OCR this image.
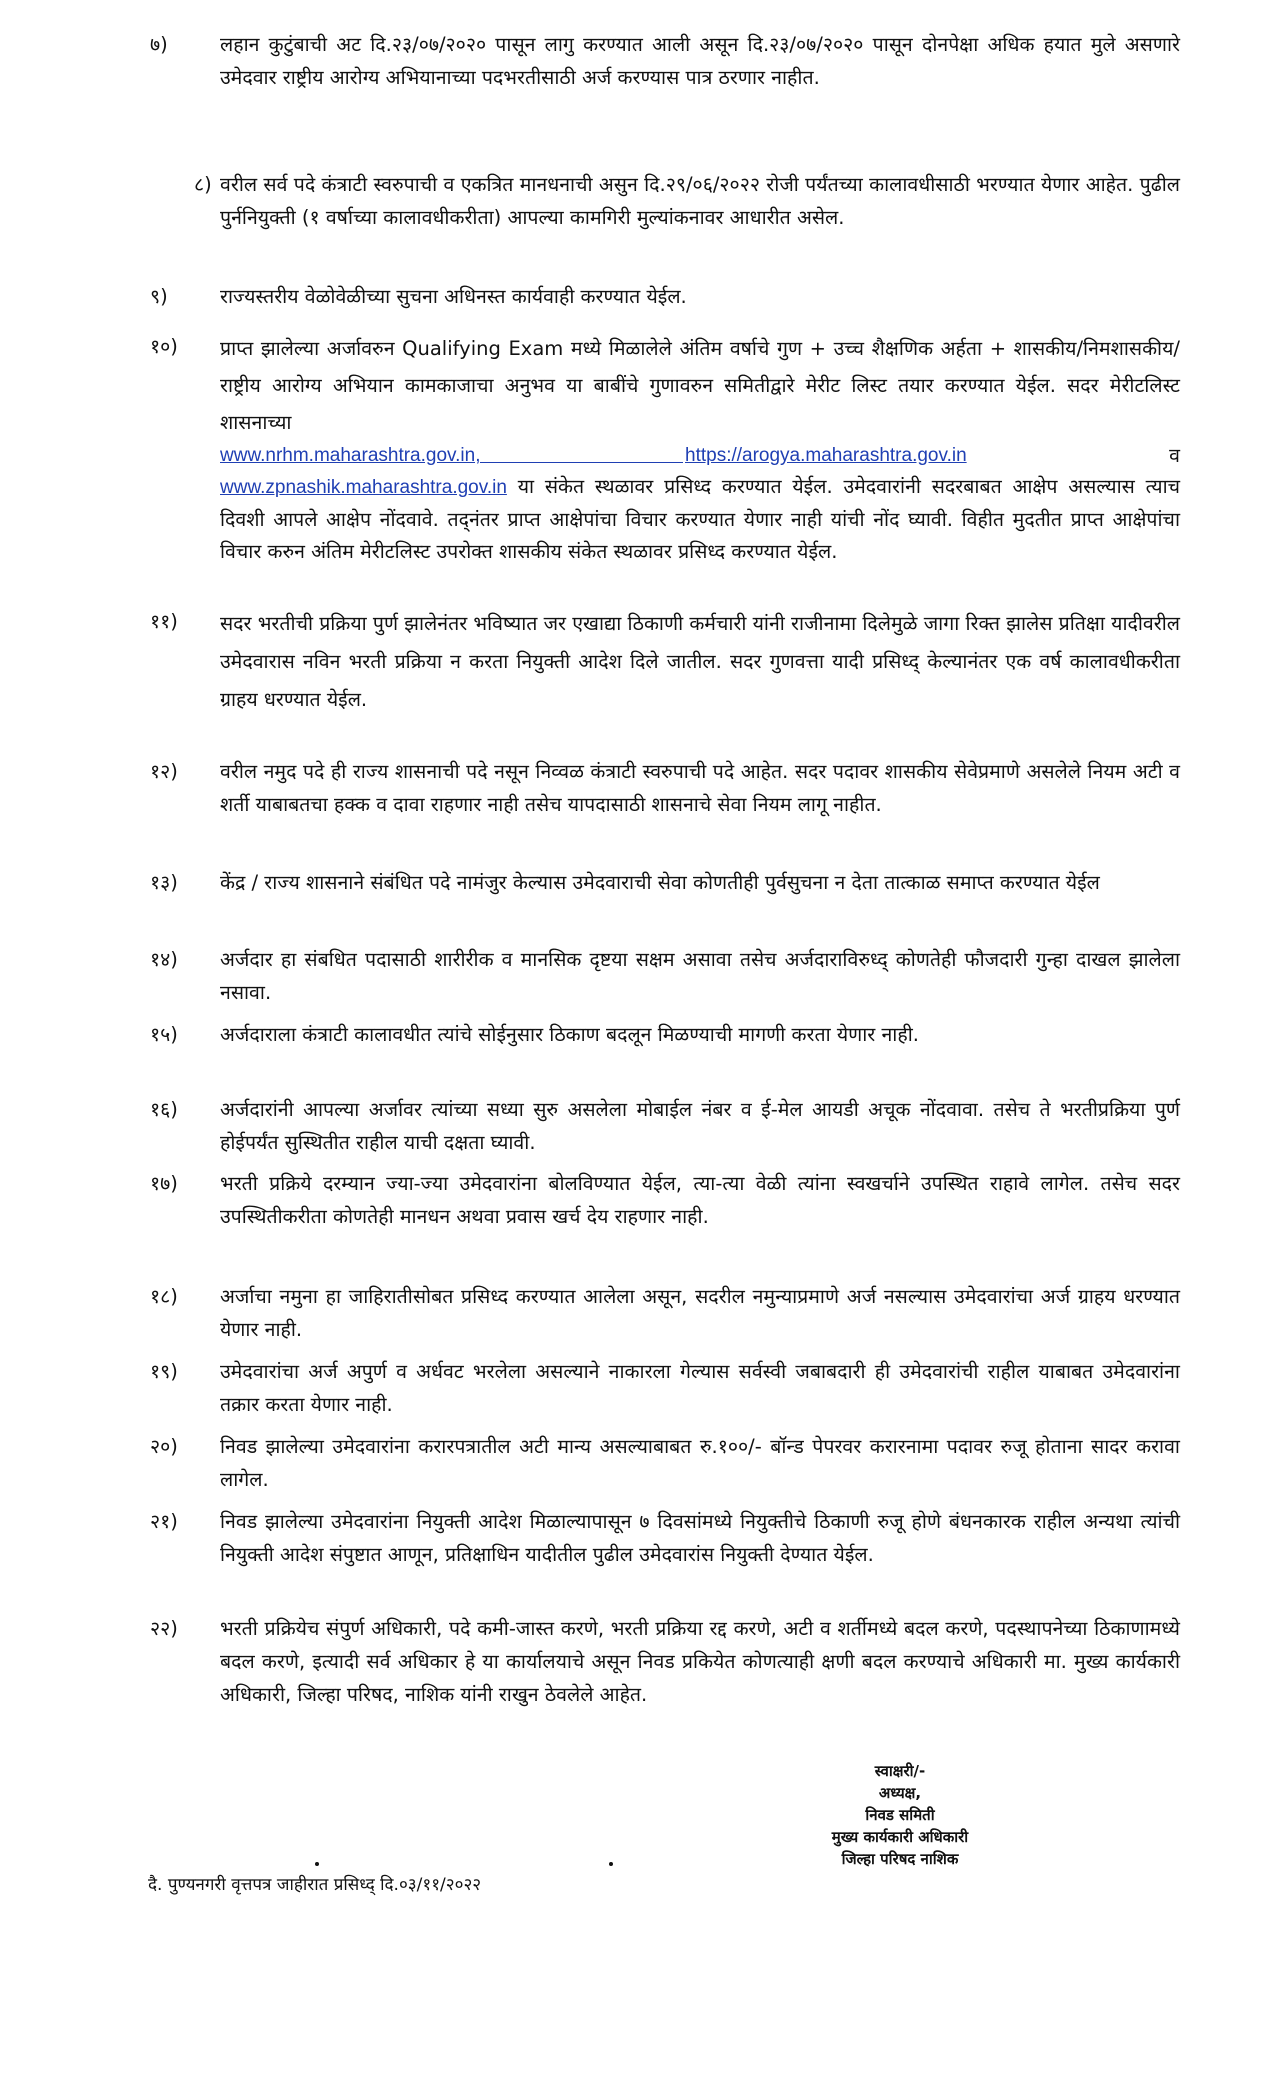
७)	लहान कुटुंबाची अट दि.२३/०७/२०२० पासून लागु करण्यात आली असून दि.२३/०७/२०२० पासून दोनपेक्षा अधिक हयात मुले असणारे उमेदवार राष्ट्रीय आरोग्य अभियानाच्या पदभरतीसाठी अर्ज करण्यास पात्र ठरणार नाहीत.
८) वरील सर्व पदे कंत्राटी स्वरुपाची व एकत्रित मानधनाची असुन दि.२९/०६/२०२२ रोजी पर्यंतच्या कालावधीसाठी भरण्यात येणार आहेत. पुढील पुर्ननियुक्ती (१ वर्षाच्या कालावधीकरीता) आपल्या कामगिरी मुल्यांकनावर आधारीत असेल.
९)	राज्यस्तरीय वेळोवेळीच्या सुचना अधिनस्त कार्यवाही करण्यात येईल.
१०)	प्राप्त झालेल्या अर्जावरुन Qualifying Exam मध्ये मिळालेले अंतिम वर्षाचे गुण + उच्च शैक्षणिक अर्हता + शासकीय/निमशासकीय/राष्ट्रीय आरोग्य अभियान कामकाजाचा अनुभव या बाबींचे गुणावरुन समितीद्वारे मेरीट लिस्ट तयार करण्यात येईल. सदर मेरीटलिस्ट शासनाच्या
www.nrhm.maharashtra.gov.in,	https://arogya.maharashtra.gov.in	व
www.zpnashik.maharashtra.gov.in या संकेत स्थळावर प्रसिध्द करण्यात येईल. उमेदवारांनी सदरबाबत आक्षेप असल्यास त्याच दिवशी आपले आक्षेप नोंदवावे. तद्नंतर प्राप्त आक्षेपांचा विचार करण्यात येणार नाही यांची नोंद घ्यावी. विहीत मुदतीत प्राप्त आक्षेपांचा विचार करुन अंतिम मेरीटलिस्ट उपरोक्त शासकीय संकेत स्थळावर प्रसिध्द करण्यात येईल.
११)	सदर भरतीची प्रक्रिया पुर्ण झालेनंतर भविष्यात जर एखाद्या ठिकाणी कर्मचारी यांनी राजीनामा दिलेमुळे जागा रिक्त झालेस प्रतिक्षा यादीवरील उमेदवारास नविन भरती प्रक्रिया न करता नियुक्ती आदेश दिले जातील. सदर गुणवत्ता यादी प्रसिध्द् केल्यानंतर एक वर्ष कालावधीकरीता ग्राहय धरण्यात येईल.
१२)	वरील नमुद पदे ही राज्य शासनाची पदे नसून निव्वळ कंत्राटी स्वरुपाची पदे आहेत. सदर पदावर शासकीय सेवेप्रमाणे असलेले नियम अटी व शर्ती याबाबतचा हक्क व दावा राहणार नाही तसेच यापदासाठी शासनाचे सेवा नियम लागू नाहीत.
१३)	केंद्र / राज्य शासनाने संबंधित पदे नामंजुर केल्यास उमेदवाराची सेवा कोणतीही पुर्वसुचना न देता तात्काळ समाप्त करण्यात येईल
१४)	अर्जदार हा संबधित पदासाठी शारीरीक व मानसिक दृष्टया सक्षम असावा तसेच अर्जदाराविरुध्द् कोणतेही फौजदारी गुन्हा दाखल झालेला नसावा.
१५)	अर्जदाराला कंत्राटी कालावधीत त्यांचे सोईनुसार ठिकाण बदलून मिळण्याची मागणी करता येणार नाही.
१६)	अर्जदारांनी आपल्या अर्जावर त्यांच्या सध्या सुरु असलेला मोबाईल नंबर व ई-मेल आयडी अचूक नोंदवावा. तसेच ते भरतीप्रक्रिया पुर्ण होईपर्यंत सुस्थितीत राहील याची दक्षता घ्यावी.
१७)	भरती प्रक्रिये दरम्यान ज्या-ज्या उमेदवारांना बोलविण्यात येईल, त्या-त्या वेळी त्यांना स्वखर्चाने उपस्थित राहावे लागेल. तसेच सदर उपस्थितीकरीता कोणतेही मानधन अथवा प्रवास खर्च देय राहणार नाही.
१८)	अर्जाचा नमुना हा जाहिरातीसोबत प्रसिध्द करण्यात आलेला असून, सदरील नमुन्याप्रमाणे अर्ज नसल्यास उमेदवारांचा अर्ज ग्राहय धरण्यात येणार नाही.
१९)	उमेदवारांचा अर्ज अपुर्ण व अर्धवट भरलेला असल्याने नाकारला गेल्यास सर्वस्वी जबाबदारी ही उमेदवारांची राहील याबाबत उमेदवारांना तक्रार करता येणार नाही.
२०)	निवड झालेल्या उमेदवारांना करारपत्रातील अटी मान्य असल्याबाबत रु.१००/- बॉन्ड पेपरवर करारनामा पदावर रुजू होताना सादर करावा लागेल.
२१)	निवड झालेल्या उमेदवारांना नियुक्ती आदेश मिळाल्यापासून ७ दिवसांमध्ये नियुक्तीचे ठिकाणी रुजू होणे बंधनकारक राहील अन्यथा त्यांची नियुक्ती आदेश संपुष्टात आणून, प्रतिक्षाधिन यादीतील पुढील उमेदवारांस नियुक्ती देण्यात येईल.
२२)	भरती प्रक्रियेच संपुर्ण अधिकारी, पदे कमी-जास्त करणे, भरती प्रक्रिया रद्द करणे, अटी व शर्तीमध्ये बदल करणे, पदस्थापनेच्या ठिकाणामध्ये बदल करणे, इत्यादी सर्व अधिकार हे या कार्यालयाचे असून निवड प्रकियेत कोणत्याही क्षणी बदल करण्याचे अधिकारी मा. मुख्य कार्यकारी अधिकारी, जिल्हा परिषद, नाशिक यांनी राखुन ठेवलेले आहेत.
स्वाक्षरी/-
अध्यक्ष,
निवड समिती
मुख्य कार्यकारी अधिकारी
जिल्हा परिषद नाशिक
दै. पुण्यनगरी वृत्तपत्र जाहीरात प्रसिध्द् दि.०३/११/२०२२
